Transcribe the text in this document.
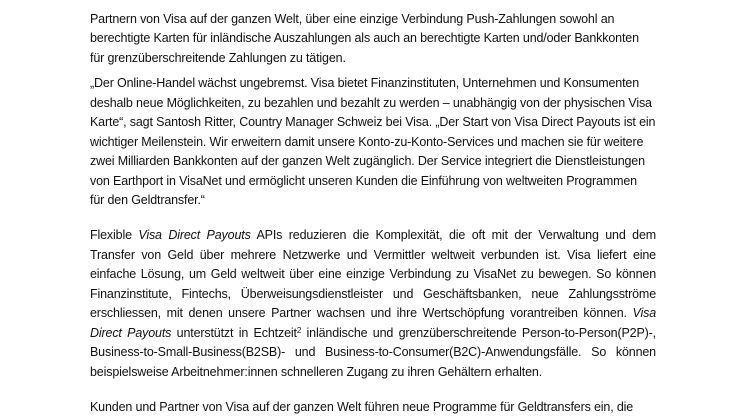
Partnern von Visa auf der ganzen Welt, über eine einzige Verbindung Push-Zahlungen sowohl an
berechtigte Karten für inländische Auszahlungen als auch an berechtigte Karten und/oder Bankkonten
für grenzüberschreitende Zahlungen zu tätigen.
„Der Online-Handel wächst ungebremst. Visa bietet Finanzinstituten, Unternehmen und Konsumenten
deshalb neue Möglichkeiten, zu bezahlen und bezahlt zu werden – unabhängig von der physischen Visa
Karte“, sagt Santosh Ritter, Country Manager Schweiz bei Visa. „Der Start von Visa Direct Payouts ist ein
wichtiger Meilenstein. Wir erweitern damit unsere Konto-zu-Konto-Services und machen sie für weitere
zwei Milliarden Bankkonten auf der ganzen Welt zugänglich. Der Service integriert die Dienstleistungen
von Earthport in VisaNet und ermöglicht unseren Kunden die Einführung von weltweiten Programmen
für den Geldtransfer.“
Flexible Visa Direct Payouts APIs reduzieren die Komplexität, die oft mit der Verwaltung und dem
Transfer von Geld über mehrere Netzwerke und Vermittler weltweit verbunden ist. Visa liefert eine
einfache Lösung, um Geld weltweit über eine einzige Verbindung zu VisaNet zu bewegen. So können
Finanzinstitute, Fintechs, Überweisungsdienstleister und Geschäftsbanken, neue Zahlungsströme
erschliessen, mit denen unsere Partner wachsen und ihre Wertschöpfung vorantreiben können. Visa
Direct Payouts unterstützt in Echtzeit$^2$ inländische und grenzüberschreitende Person-to-Person(P2P)-,
Business-to-Small-Business(B2SB)- und Business-to-Consumer(B2C)-Anwendungsfälle. So können
beispielsweise Arbeitnehmer:innen schnelleren Zugang zu ihren Gehältern erhalten.
Kunden und Partner von Visa auf der ganzen Welt führen neue Programme für Geldtransfers ein, die
